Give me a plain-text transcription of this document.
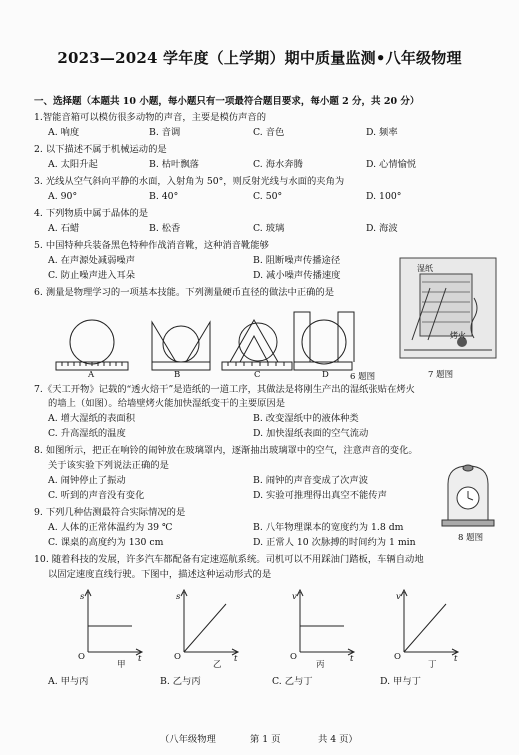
2023—2024 学年度（上学期）期中质量监测•八年级物理
一、选择题（本题共 10 小题，每小题只有一项最符合题目要求，每小题 2 分，共 20 分）
1.智能音箱可以模仿很多动物的声音，主要是模仿声音的
A. 响度	B. 音调	C. 音色	D. 频率
2. 以下描述不属于机械运动的是
A. 太阳升起	B. 枯叶飘落	C. 海水奔腾	D. 心情愉悦
3. 光线从空气斜向平静的水面，入射角为 50°，则反射光线与水面的夹角为
A. 90°	B. 40°	C. 50°	D. 100°
4. 下列物质中属于晶体的是
A. 石蜡	B. 松香	C. 玻璃	D. 海波
5. 中国特种兵装备黑色特种作战消音靴，这种消音靴能够
A. 在声源处减弱噪声	B. 阻断噪声传播途径
C. 防止噪声进入耳朵	D. 减小噪声传播速度
6. 测量是物理学习的一项基本技能。下列测量硬币直径的做法中正确的是
A	B	C	D 6 题图
湿纸
烤火
7 题图
7.《天工开物》记载的“透火焙干”是造纸的一道工序，其做法是将刚生产出的湿纸张贴在烤火
的墙上（如图）。给墙壁烤火能加快湿纸变干的主要原因是
A. 增大湿纸的表面积	B. 改变湿纸中的液体种类
C. 升高湿纸的温度	D. 加快湿纸表面的空气流动
8. 如图所示，把正在响铃的闹钟放在玻璃罩内，逐渐抽出玻璃罩中的空气，注意声音的变化。
关于该实验下列说法正确的是
A. 闹钟停止了振动	B. 闹钟的声音变成了次声波
C. 听到的声音没有变化	D. 实验可推理得出真空不能传声
8 题图
9. 下列几种估测最符合实际情况的是
A. 人体的正常体温约为 39 ℃	B. 八年物理课本的宽度约为 1.8 dm
C. 课桌的高度约为 130 cm	D. 正常人 10 次脉搏的时间约为 1 min
10. 随着科技的发展，许多汽车都配备有定速巡航系统。司机可以不用踩油门踏板，车辆自动地
以固定速度直线行驶。下图中，描述这种运动形式的是
s
O
甲
t
s
O
乙
t
v
O
丙
t
v
O
丁
t
A. 甲与丙	B. 乙与丙	C. 乙与丁	D. 甲与丁
（八年级物理	第 1 页	共 4 页）
